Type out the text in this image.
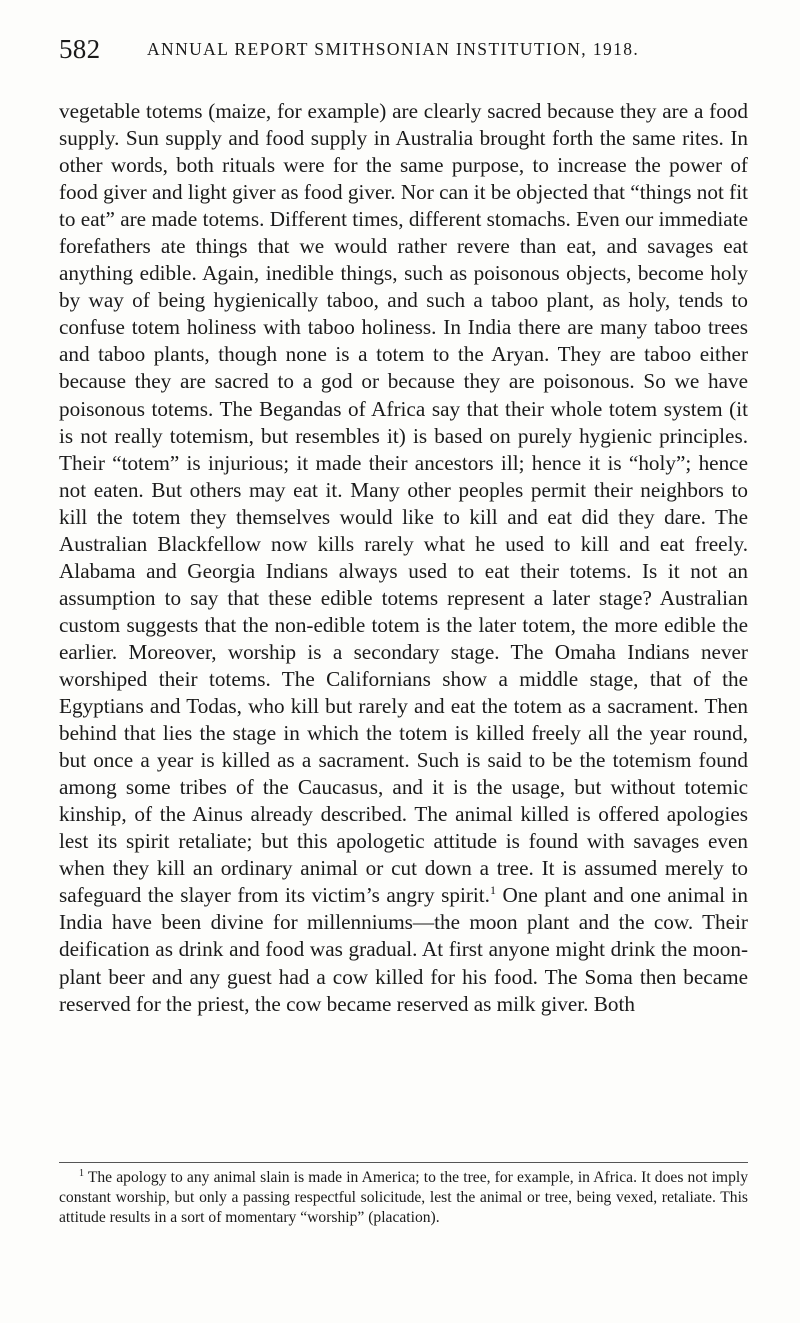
582	ANNUAL REPORT SMITHSONIAN INSTITUTION, 1918.

vegetable totems (maize, for example) are clearly sacred because they are a food supply. Sun supply and food supply in Australia brought forth the same rites. In other words, both rituals were for the same purpose, to increase the power of food giver and light giver as food giver. Nor can it be objected that “things not fit to eat” are made totems. Different times, different stomachs. Even our immediate forefathers ate things that we would rather revere than eat, and savages eat anything edible. Again, inedible things, such as poisonous objects, become holy by way of being hygienically taboo, and such a taboo plant, as holy, tends to confuse totem holiness with taboo holiness. In India there are many taboo trees and taboo plants, though none is a totem to the Aryan. They are taboo either because they are sacred to a god or because they are poisonous. So we have poisonous totems. The Begandas of Africa say that their whole totem system (it is not really totemism, but resembles it) is based on purely hygienic principles. Their “totem” is injurious; it made their ancestors ill; hence it is “holy”; hence not eaten. But others may eat it. Many other peoples permit their neighbors to kill the totem they themselves would like to kill and eat did they dare. The Australian Blackfellow now kills rarely what he used to kill and eat freely. Alabama and Georgia Indians always used to eat their totems. Is it not an assumption to say that these edible totems represent a later stage? Australian custom suggests that the non-edible totem is the later totem, the more edible the earlier. Moreover, worship is a secondary stage. The Omaha Indians never worshiped their totems. The Californians show a middle stage, that of the Egyptians and Todas, who kill but rarely and eat the totem as a sacrament. Then behind that lies the stage in which the totem is killed freely all the year round, but once a year is killed as a sacrament. Such is said to be the totemism found among some tribes of the Caucasus, and it is the usage, but without totemic kinship, of the Ainus already described. The animal killed is offered apologies lest its spirit retaliate; but this apologetic attitude is found with savages even when they kill an ordinary animal or cut down a tree. It is assumed merely to safeguard the slayer from its victim’s angry spirit.$^1$ One plant and one animal in India have been divine for millenniums—the moon plant and the cow. Their deification as drink and food was gradual. At first anyone might drink the moon-plant beer and any guest had a cow killed for his food. The Soma then became reserved for the priest, the cow became reserved as milk giver. Both

$^1$ The apology to any animal slain is made in America; to the tree, for example, in Africa. It does not imply constant worship, but only a passing respectful solicitude, lest the animal or tree, being vexed, retaliate. This attitude results in a sort of momentary “worship” (placation).
